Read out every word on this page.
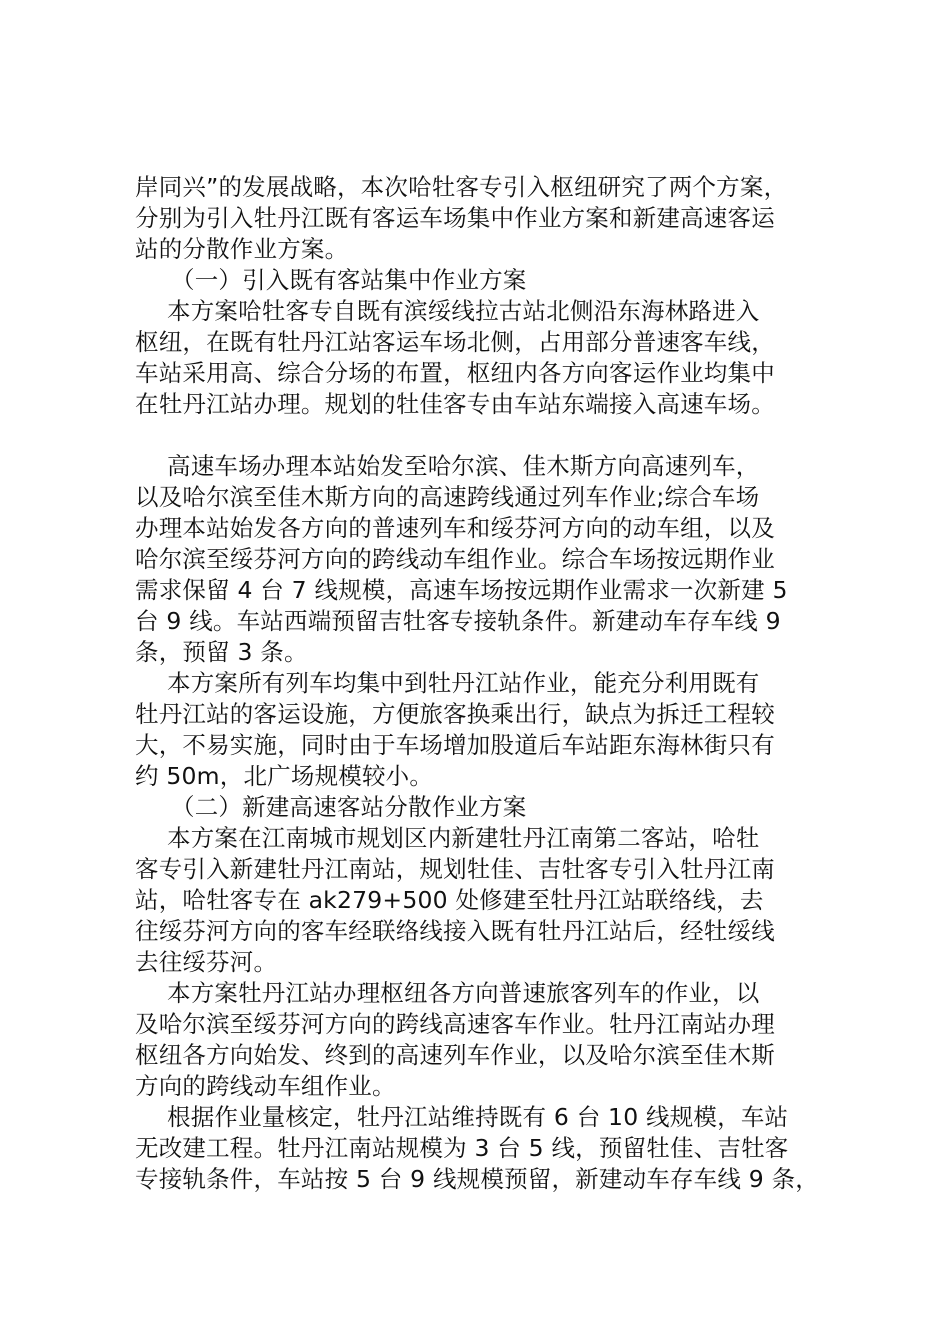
岸同兴”的发展战略，本次哈牡客专引入枢纽研究了两个方案，
分别为引入牡丹江既有客运车场集中作业方案和新建高速客运
站的分散作业方案。
（一）引入既有客站集中作业方案
本方案哈牡客专自既有滨绥线拉古站北侧沿东海林路进入
枢纽，在既有牡丹江站客运车场北侧，占用部分普速客车线，
车站采用高、综合分场的布置，枢纽内各方向客运作业均集中
在牡丹江站办理。规划的牡佳客专由车站东端接入高速车场。
高速车场办理本站始发至哈尔滨、佳木斯方向高速列车，
以及哈尔滨至佳木斯方向的高速跨线通过列车作业;综合车场
办理本站始发各方向的普速列车和绥芬河方向的动车组，以及
哈尔滨至绥芬河方向的跨线动车组作业。综合车场按远期作业
需求保留 4 台 7 线规模，高速车场按远期作业需求一次新建 5
台 9 线。车站西端预留吉牡客专接轨条件。新建动车存车线 9
条，预留 3 条。
本方案所有列车均集中到牡丹江站作业，能充分利用既有
牡丹江站的客运设施，方便旅客换乘出行，缺点为拆迁工程较
大，不易实施，同时由于车场增加股道后车站距东海林街只有
约 50m，北广场规模较小。
（二）新建高速客站分散作业方案
本方案在江南城市规划区内新建牡丹江南第二客站，哈牡
客专引入新建牡丹江南站，规划牡佳、吉牡客专引入牡丹江南
站，哈牡客专在 ak279+500 处修建至牡丹江站联络线，去
往绥芬河方向的客车经联络线接入既有牡丹江站后，经牡绥线
去往绥芬河。
本方案牡丹江站办理枢纽各方向普速旅客列车的作业，以
及哈尔滨至绥芬河方向的跨线高速客车作业。牡丹江南站办理
枢纽各方向始发、终到的高速列车作业，以及哈尔滨至佳木斯
方向的跨线动车组作业。
根据作业量核定，牡丹江站维持既有 6 台 10 线规模，车站
无改建工程。牡丹江南站规模为 3 台 5 线，预留牡佳、吉牡客
专接轨条件，车站按 5 台 9 线规模预留，新建动车存车线 9 条，
